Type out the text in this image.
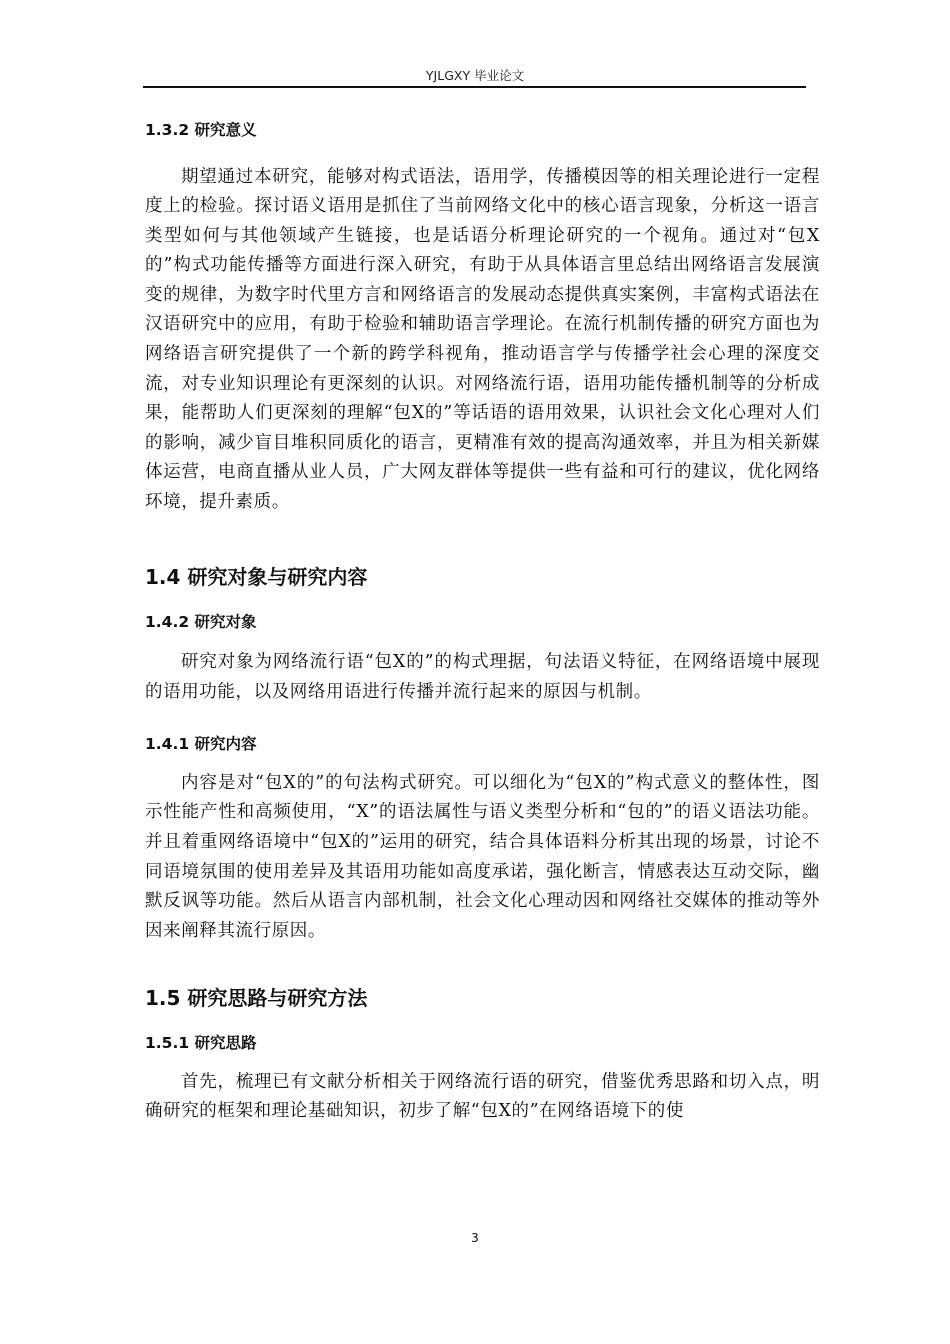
YJLGXY 毕业论文
1.3.2 研究意义

期望通过本研究，能够对构式语法，语用学，传播模因等的相关理论进行一定程度上的检验。探讨语义语用是抓住了当前网络文化中的核心语言现象，分析这一语言类型如何与其他领域产生链接，也是话语分析理论研究的一个视角。通过对“包X的”构式功能传播等方面进行深入研究，有助于从具体语言里总结出网络语言发展演变的规律，为数字时代里方言和网络语言的发展动态提供真实案例，丰富构式语法在汉语研究中的应用，有助于检验和辅助语言学理论。在流行机制传播的研究方面也为网络语言研究提供了一个新的跨学科视角，推动语言学与传播学社会心理的深度交流，对专业知识理论有更深刻的认识。对网络流行语，语用功能传播机制等的分析成果，能帮助人们更深刻的理解“包X的”等话语的语用效果，认识社会文化心理对人们的影响，减少盲目堆积同质化的语言，更精准有效的提高沟通效率，并且为相关新媒体运营，电商直播从业人员，广大网友群体等提供一些有益和可行的建议，优化网络环境，提升素质。

1.4 研究对象与研究内容
1.4.2 研究对象

研究对象为网络流行语“包X的”的构式理据，句法语义特征，在网络语境中展现的语用功能，以及网络用语进行传播并流行起来的原因与机制。

1.4.1 研究内容

内容是对“包X的”的句法构式研究。可以细化为“包X的”构式意义的整体性，图示性能产性和高频使用，“X”的语法属性与语义类型分析和“包的”的语义语法功能。并且着重网络语境中“包X的”运用的研究，结合具体语料分析其出现的场景，讨论不同语境氛围的使用差异及其语用功能如高度承诺，强化断言，情感表达互动交际，幽默反讽等功能。然后从语言内部机制，社会文化心理动因和网络社交媒体的推动等外因来阐释其流行原因。

1.5 研究思路与研究方法
1.5.1 研究思路

首先，梳理已有文献分析相关于网络流行语的研究，借鉴优秀思路和切入点，明确研究的框架和理论基础知识，初步了解“包X的”在网络语境下的使

3
